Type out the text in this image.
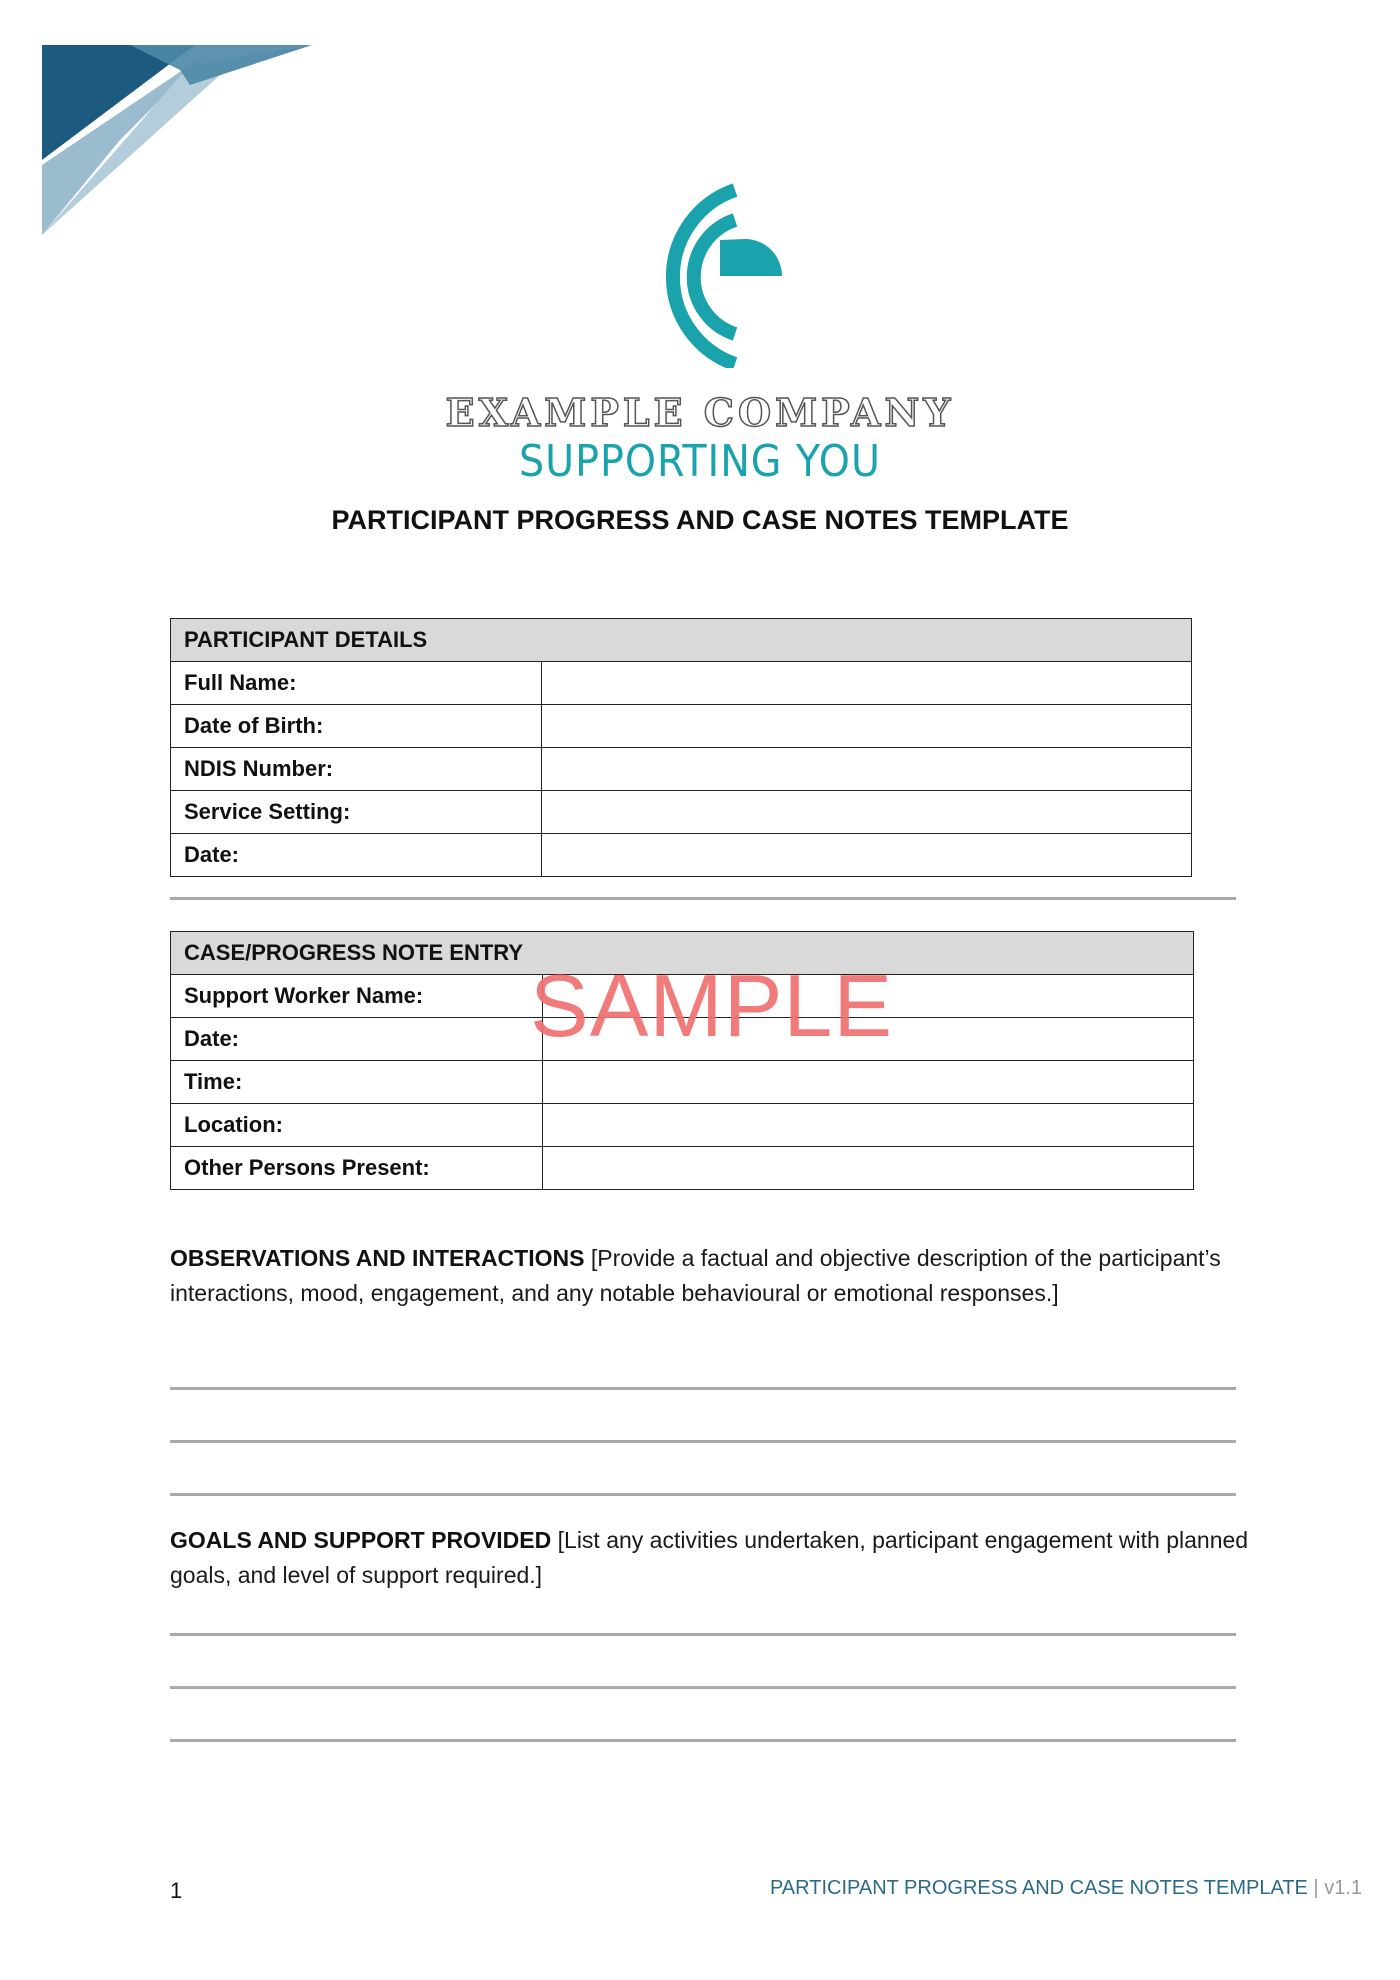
EXAMPLE COMPANY
SUPPORTING YOU
PARTICIPANT PROGRESS AND CASE NOTES TEMPLATE
PARTICIPANT DETAILS	
Full Name:	
Date of Birth:	
NDIS Number:	
Service Setting:	
Date:	
CASE/PROGRESS NOTE ENTRY	
Support Worker Name:	
Date:	
Time:	
Location:	
Other Persons Present:	
SAMPLE
OBSERVATIONS AND INTERACTIONS [Provide a factual and objective description of the participant’s interactions, mood, engagement, and any notable behavioural or emotional responses.]
GOALS AND SUPPORT PROVIDED [List any activities undertaken, participant engagement with planned goals, and level of support required.]
1	PARTICIPANT PROGRESS AND CASE NOTES TEMPLATE | v1.1
